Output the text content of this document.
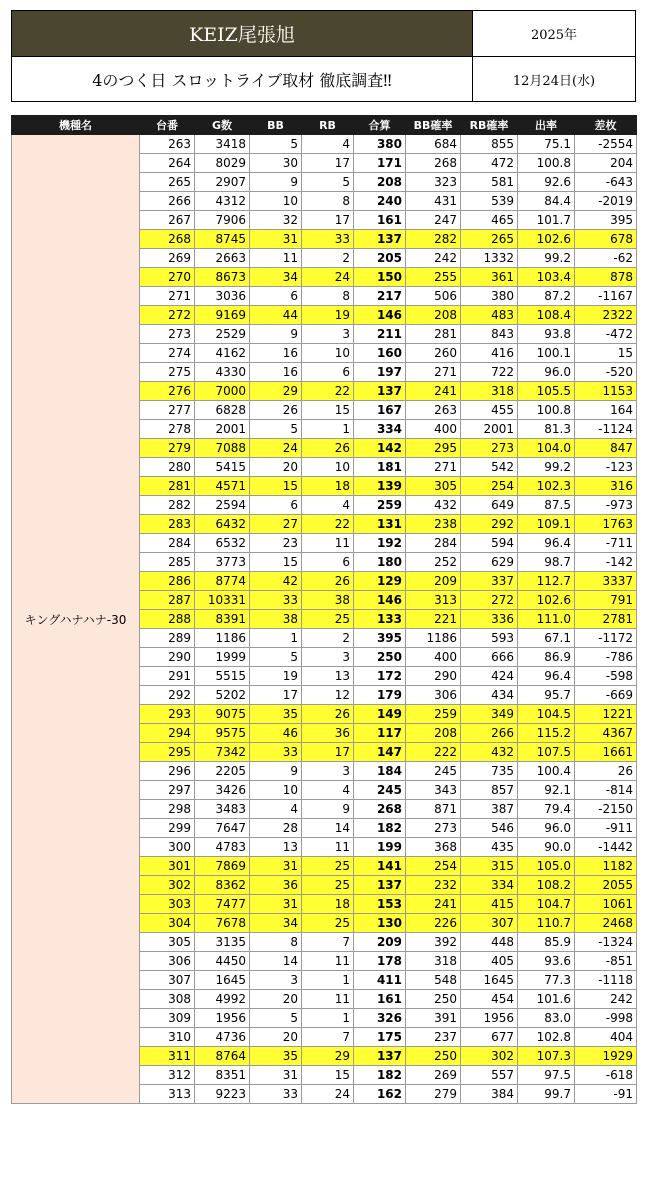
KEIZ尾張旭
4のつく日 スロットライブ取材 徹底調査‼
2025年
12月24日(水)
機種名	台番	G数	BB	RB	合算	BB確率	RB確率	出率	差枚
キングハナハナ-30	263	3418	5	4	380	684	855	75.1	-2554
	264	8029	30	17	171	268	472	100.8	204
	265	2907	9	5	208	323	581	92.6	-643
	266	4312	10	8	240	431	539	84.4	-2019
	267	7906	32	17	161	247	465	101.7	395
	268	8745	31	33	137	282	265	102.6	678
	269	2663	11	2	205	242	1332	99.2	-62
	270	8673	34	24	150	255	361	103.4	878
	271	3036	6	8	217	506	380	87.2	-1167
	272	9169	44	19	146	208	483	108.4	2322
	273	2529	9	3	211	281	843	93.8	-472
	274	4162	16	10	160	260	416	100.1	15
	275	4330	16	6	197	271	722	96.0	-520
	276	7000	29	22	137	241	318	105.5	1153
	277	6828	26	15	167	263	455	100.8	164
	278	2001	5	1	334	400	2001	81.3	-1124
	279	7088	24	26	142	295	273	104.0	847
	280	5415	20	10	181	271	542	99.2	-123
	281	4571	15	18	139	305	254	102.3	316
	282	2594	6	4	259	432	649	87.5	-973
	283	6432	27	22	131	238	292	109.1	1763
	284	6532	23	11	192	284	594	96.4	-711
	285	3773	15	6	180	252	629	98.7	-142
	286	8774	42	26	129	209	337	112.7	3337
	287	10331	33	38	146	313	272	102.6	791
	288	8391	38	25	133	221	336	111.0	2781
	289	1186	1	2	395	1186	593	67.1	-1172
	290	1999	5	3	250	400	666	86.9	-786
	291	5515	19	13	172	290	424	96.4	-598
	292	5202	17	12	179	306	434	95.7	-669
	293	9075	35	26	149	259	349	104.5	1221
	294	9575	46	36	117	208	266	115.2	4367
	295	7342	33	17	147	222	432	107.5	1661
	296	2205	9	3	184	245	735	100.4	26
	297	3426	10	4	245	343	857	92.1	-814
	298	3483	4	9	268	871	387	79.4	-2150
	299	7647	28	14	182	273	546	96.0	-911
	300	4783	13	11	199	368	435	90.0	-1442
	301	7869	31	25	141	254	315	105.0	1182
	302	8362	36	25	137	232	334	108.2	2055
	303	7477	31	18	153	241	415	104.7	1061
	304	7678	34	25	130	226	307	110.7	2468
	305	3135	8	7	209	392	448	85.9	-1324
	306	4450	14	11	178	318	405	93.6	-851
	307	1645	3	1	411	548	1645	77.3	-1118
	308	4992	20	11	161	250	454	101.6	242
	309	1956	5	1	326	391	1956	83.0	-998
	310	4736	20	7	175	237	677	102.8	404
	311	8764	35	29	137	250	302	107.3	1929
	312	8351	31	15	182	269	557	97.5	-618
	313	9223	33	24	162	279	384	99.7	-91
